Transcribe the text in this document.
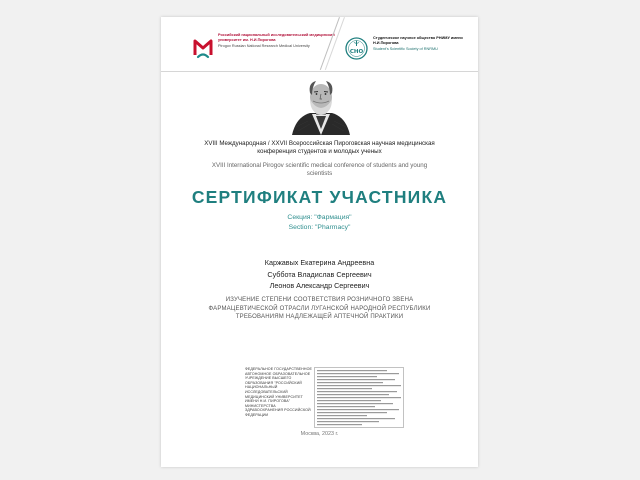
Российский национальный исследовательский медицинский университет им. Н.И.Пирогова
Pirogov Russian National Research Medical University
СНО
Студенческое научное общество РНИМУ имени Н.И.Пирогова
Student's Scientific Society of RNRMU
XVIII Международная / XXVII Всероссийская Пироговская научная медицинская конференция студентов и молодых ученых
XVIII International Pirogov scientific medical conference of students and young scientists
СЕРТИФИКАТ УЧАСТНИКА
Секция: "Фармация"
Section: "Pharmacy"
Каржавых Екатерина Андреевна
Суббота Владислав Сергеевич
Леонов Александр Сергеевич
ИЗУЧЕНИЕ СТЕПЕНИ СООТВЕТСТВИЯ РОЗНИЧНОГО ЗВЕНА ФАРМАЦЕВТИЧЕСКОЙ ОТРАСЛИ ЛУГАНСКОЙ НАРОДНОЙ РЕСПУБЛИКИ ТРЕБОВАНИЯМ НАДЛЕЖАЩЕЙ АПТЕЧНОЙ ПРАКТИКИ
ФЕДЕРАЛЬНОЕ ГОСУДАРСТВЕННОЕ АВТОНОМНОЕ ОБРАЗОВАТЕЛЬНОЕ УЧРЕЖДЕНИЕ ВЫСШЕГО ОБРАЗОВАНИЯ "РОССИЙСКИЙ НАЦИОНАЛЬНЫЙ ИССЛЕДОВАТЕЛЬСКИЙ МЕДИЦИНСКИЙ УНИВЕРСИТЕТ ИМЕНИ Н.И. ПИРОГОВА" МИНИСТЕРСТВА ЗДРАВООХРАНЕНИЯ РОССИЙСКОЙ ФЕДЕРАЦИИ
Москва, 2023 г.
